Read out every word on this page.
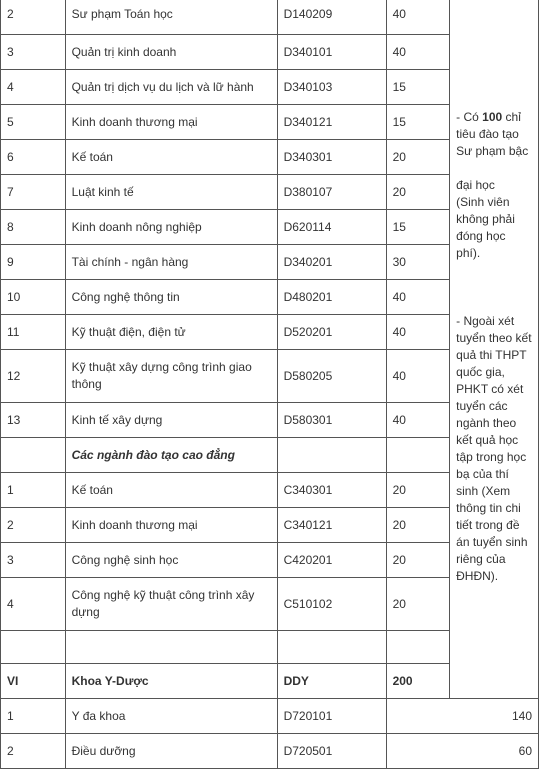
2	Sư phạm Toán học	D140209	40	- Có 100 chỉ tiêu đào tạo Sư phạm bậc

đại học

(Sinh viên không phải đóng học phí).

- Ngoài xét tuyển theo kết quả thi THPT quốc gia, PHKT có xét tuyển các ngành theo kết quả học tập trong học bạ của thí sinh (Xem thông tin chi tiết trong đề án tuyển sinh riêng của ĐHĐN).

3	Quản trị kinh doanh	D340101	40	
4	Quản trị dịch vụ du lịch và lữ hành	D340103	15	
5	Kinh doanh thương mại	D340121	15	
6	Kế toán	D340301	20	
7	Luật kinh tế	D380107	20	
8	Kinh doanh nông nghiệp	D620114	15	
9	Tài chính - ngân hàng	D340201	30	
10	Công nghệ thông tin	D480201	40	
11	Kỹ thuật điện, điện tử	D520201	40	
12	Kỹ thuật xây dựng công trình giao thông	D580205	40	
13	Kinh tế xây dựng	D580301	40	
	Các ngành đào tạo cao đẳng			
1	Kế toán	C340301	20	
2	Kinh doanh thương mại	C340121	20	
3	Công nghệ sinh học	C420201	20	
4	Công nghệ kỹ thuật công trình xây dựng	C510102	20	

VI	Khoa Y-Dược	DDY	200	
1	Y đa khoa	D720101	140	
2	Điều dưỡng	D720501	60	
